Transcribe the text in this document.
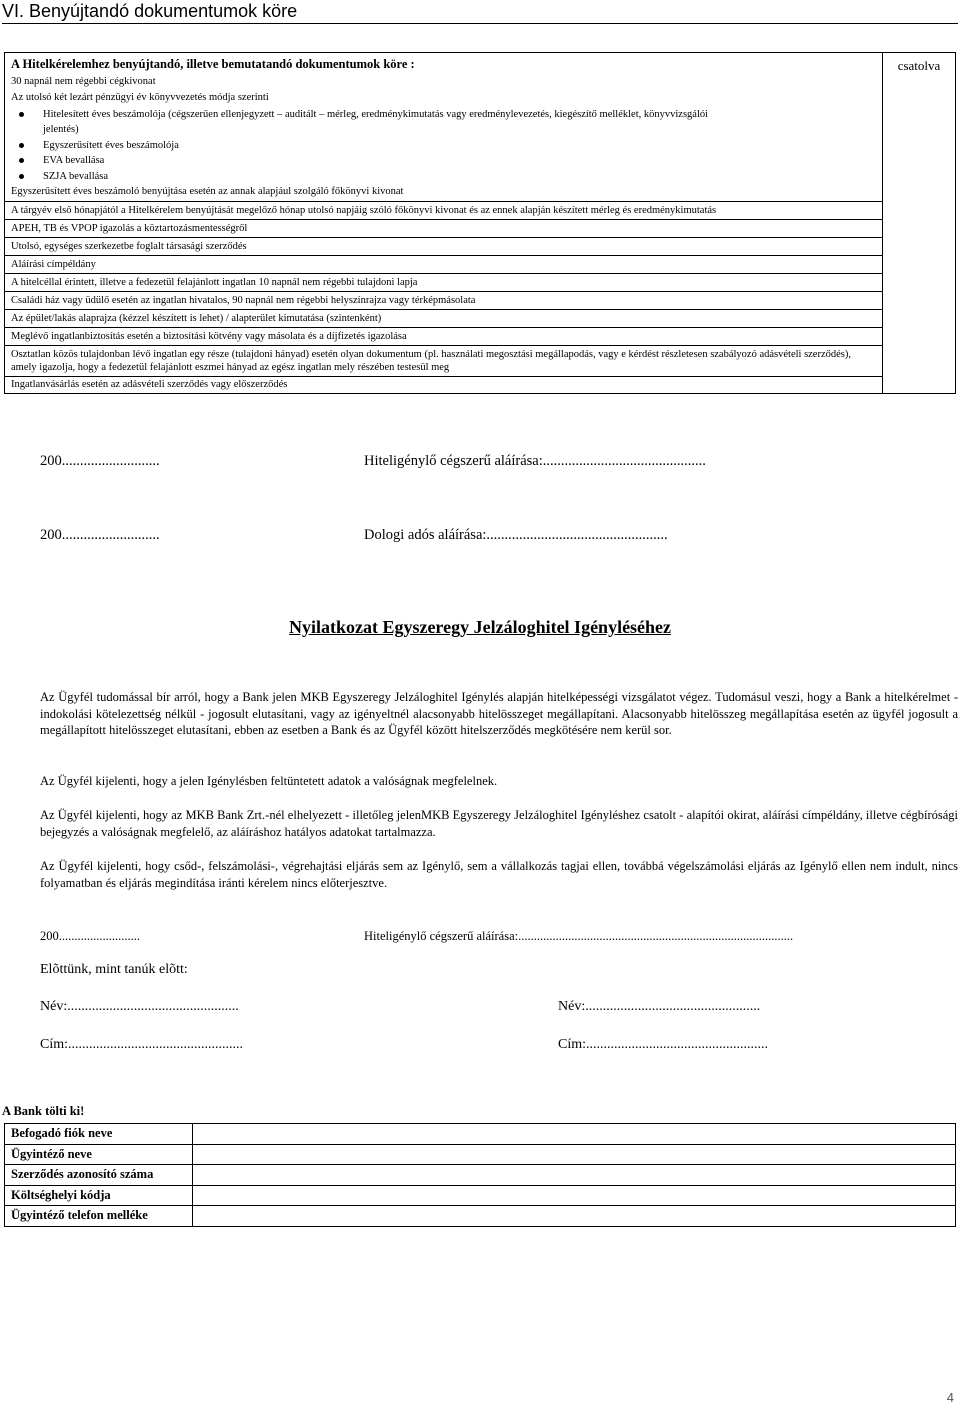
VI. Benyújtandó dokumentumok köre
A Hitelkérelemhez benyújtandó, illetve bemutatandó dokumentumok köre :
30 napnál nem régebbi cégkivonat
Az utolsó két lezárt pénzügyi év könyvvezetés módja szerinti
Hitelesített éves beszámolója (cégszerűen ellenjegyzett – auditált – mérleg, eredménykimutatás vagy eredménylevezetés, kiegészítő melléklet, könyvvizsgálói
jelentés)
Egyszerűsített éves beszámolója
EVA bevallása
SZJA bevallása
Egyszerűsített éves beszámoló benyújtása esetén az annak alapjául szolgáló főkönyvi kivonat
A tárgyév első hónapjától a Hitelkérelem benyújtását megelőző hónap utolsó napjáig szóló főkönyvi kivonat és az ennek alapján készített mérleg és eredménykimutatás
APEH, TB és VPOP igazolás a köztartozásmentességről
Utolsó, egységes szerkezetbe foglalt társasági szerződés
Aláírási címpéldány
A hitelcéllal érintett, illetve a fedezetül felajánlott ingatlan 10 napnál nem régebbi tulajdoni lapja
Családi ház vagy üdülő esetén az ingatlan hivatalos, 90 napnál nem régebbi helyszínrajza vagy térképmásolata
Az épület/lakás alaprajza (kézzel készített is lehet) / alapterület kimutatása (szintenként)
Meglévő ingatlanbiztosítás esetén a biztosítási kötvény vagy másolata és a díjfizetés igazolása
Osztatlan közös tulajdonban lévő ingatlan egy része (tulajdoni hányad) esetén olyan dokumentum (pl. használati megosztási megállapodás, vagy e kérdést részletesen szabályozó adásvételi szerződés), amely igazolja, hogy a fedezetül felajánlott eszmei hányad az egész ingatlan mely részében testesül meg
Ingatlanvásárlás esetén az adásvételi szerződés vagy előszerződés
csatolva
200...........................	Hiteligénylő cégszerű aláírása:.............................................
200...........................	Dologi adós aláírása:..................................................
Nyilatkozat Egyszeregy Jelzáloghitel Igényléséhez
Az Ügyfél tudomással bír arról, hogy a Bank jelen MKB Egyszeregy Jelzáloghitel Igénylés alapján hitelképességi vizsgálatot végez. Tudomásul veszi, hogy a Bank a hitelkérelmet - indokolási kötelezettség nélkül - jogosult elutasítani, vagy az igényeltnél alacsonyabb hitelösszeget megállapítani. Alacsonyabb hitelösszeg megállapítása esetén az ügyfél jogosult a megállapított hitelösszeget elutasítani, ebben az esetben a Bank és az Ügyfél között hitelszerződés megkötésére nem kerül sor.
Az Ügyfél kijelenti, hogy a jelen Igénylésben feltüntetett adatok a valóságnak megfelelnek.
Az Ügyfél kijelenti, hogy az MKB Bank Zrt.-nél elhelyezett - illetőleg jelenMKB Egyszeregy Jelzáloghitel Igényléshez csatolt - alapítói okirat, aláírási címpéldány, illetve cégbírósági bejegyzés a valóságnak megfelelő, az aláíráshoz hatályos adatokat tartalmazza.
Az Ügyfél kijelenti, hogy csőd-, felszámolási-, végrehajtási eljárás sem az Igénylő, sem a vállalkozás tagjai ellen, továbbá végelszámolási eljárás az Igénylő ellen nem indult, nincs folyamatban és eljárás megindítása iránti kérelem nincs előterjesztve.
200..........................	Hiteligénylő cégszerű aláírása:........................................................................................
Elõttünk, mint tanúk elõtt:
Név:.................................................	Név:..................................................
Cím:..................................................	Cím:....................................................
A Bank tölti ki!
Befogadó fiók neve	
Ügyintéző neve	
Szerződés azonosító száma	
Költséghelyi kódja	
Ügyintéző telefon melléke	
4
